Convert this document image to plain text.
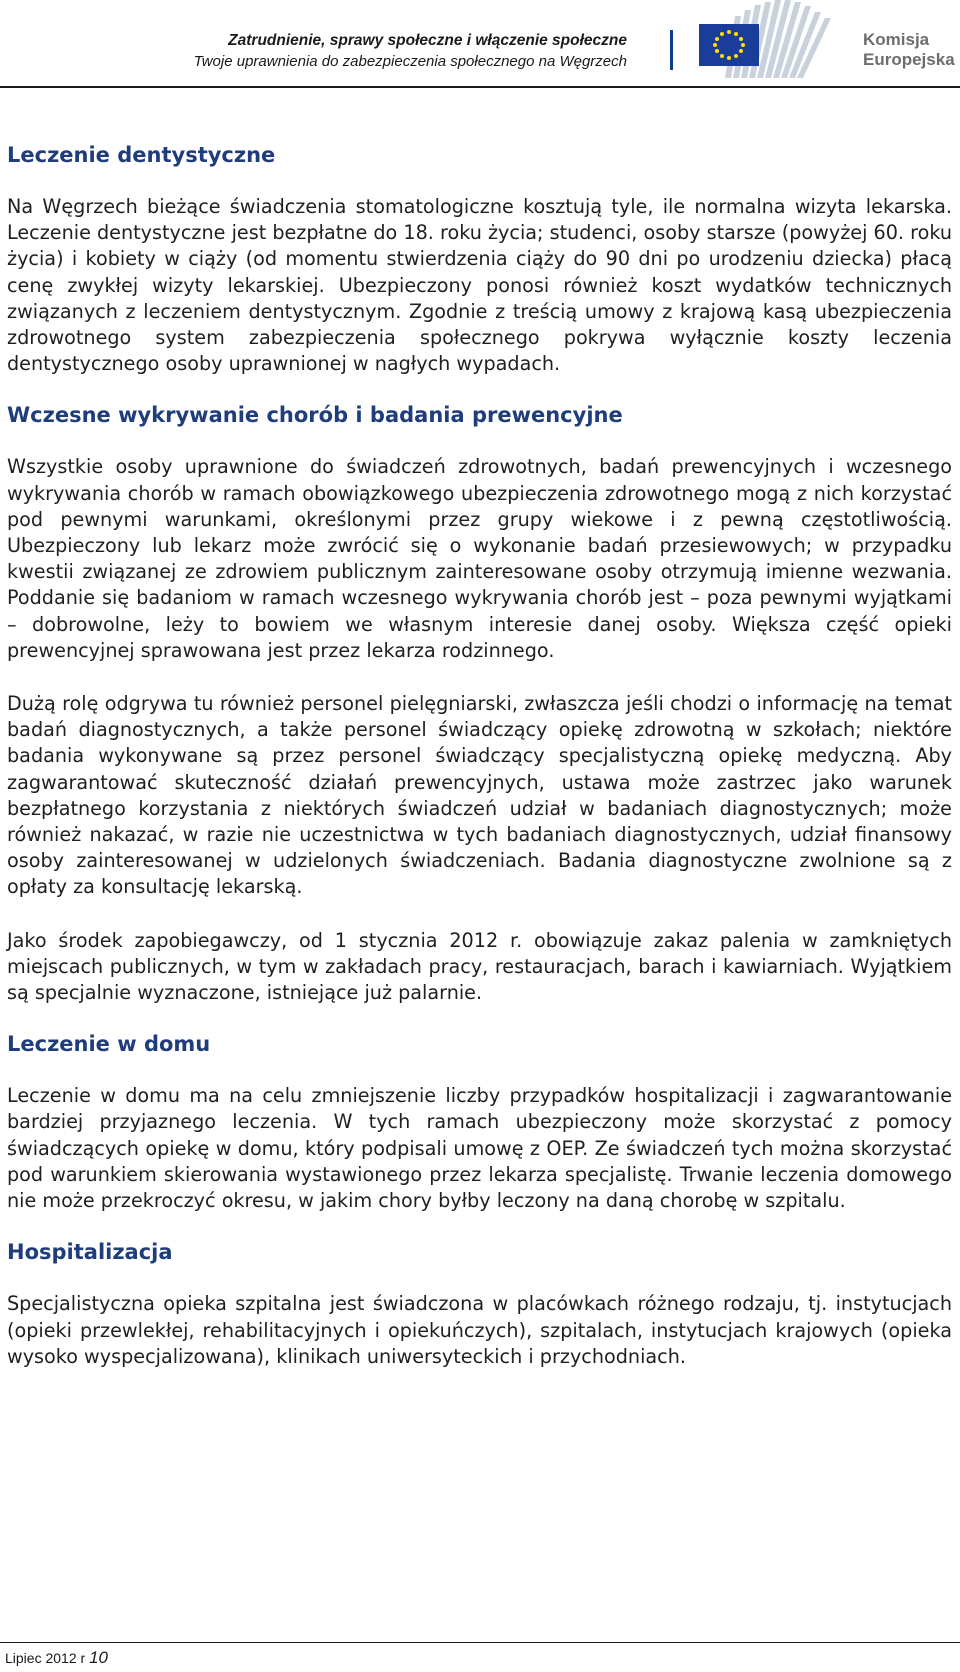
Zatrudnienie, sprawy społeczne i włączenie społeczne
Twoje uprawnienia do zabezpieczenia społecznego na Węgrzech
Komisja
Europejska
Leczenie dentystyczne

Na Węgrzech bieżące świadczenia stomatologiczne kosztują tyle, ile normalna wizyta lekarska. Leczenie dentystyczne jest bezpłatne do 18. roku życia; studenci, osoby starsze (powyżej 60. roku życia) i kobiety w ciąży (od momentu stwierdzenia ciąży do 90 dni po urodzeniu dziecka) płacą cenę zwykłej wizyty lekarskiej. Ubezpieczony ponosi również koszt wydatków technicznych związanych z leczeniem dentystycznym. Zgodnie z treścią umowy z krajową kasą ubezpieczenia zdrowotnego system zabezpieczenia społecznego pokrywa wyłącznie koszty leczenia dentystycznego osoby uprawnionej w nagłych wypadach.

Wczesne wykrywanie chorób i badania prewencyjne

Wszystkie osoby uprawnione do świadczeń zdrowotnych, badań prewencyjnych i wczesnego wykrywania chorób w ramach obowiązkowego ubezpieczenia zdrowotnego mogą z nich korzystać pod pewnymi warunkami, określonymi przez grupy wiekowe i z pewną częstotliwością. Ubezpieczony lub lekarz może zwrócić się o wykonanie badań przesiewowych; w przypadku kwestii związanej ze zdrowiem publicznym zainteresowane osoby otrzymują imienne wezwania. Poddanie się badaniom w ramach wczesnego wykrywania chorób jest – poza pewnymi wyjątkami – dobrowolne, leży to bowiem we własnym interesie danej osoby. Większa część opieki prewencyjnej sprawowana jest przez lekarza rodzinnego.

Dużą rolę odgrywa tu również personel pielęgniarski, zwłaszcza jeśli chodzi o informację na temat badań diagnostycznych, a także personel świadczący opiekę zdrowotną w szkołach; niektóre badania wykonywane są przez personel świadczący specjalistyczną opiekę medyczną. Aby zagwarantować skuteczność działań prewencyjnych, ustawa może zastrzec jako warunek bezpłatnego korzystania z niektórych świadczeń udział w badaniach diagnostycznych; może również nakazać, w razie nie uczestnictwa w tych badaniach diagnostycznych, udział finansowy osoby zainteresowanej w udzielonych świadczeniach. Badania diagnostyczne zwolnione są z opłaty za konsultację lekarską.

Jako środek zapobiegawczy, od 1 stycznia 2012 r. obowiązuje zakaz palenia w zamkniętych miejscach publicznych, w tym w zakładach pracy, restauracjach, barach i kawiarniach. Wyjątkiem są specjalnie wyznaczone, istniejące już palarnie.

Leczenie w domu

Leczenie w domu ma na celu zmniejszenie liczby przypadków hospitalizacji i zagwarantowanie bardziej przyjaznego leczenia. W tych ramach ubezpieczony może skorzystać z pomocy świadczących opiekę w domu, który podpisali umowę z OEP. Ze świadczeń tych można skorzystać pod warunkiem skierowania wystawionego przez lekarza specjalistę. Trwanie leczenia domowego nie może przekroczyć okresu, w jakim chory byłby leczony na daną chorobę w szpitalu.

Hospitalizacja

Specjalistyczna opieka szpitalna jest świadczona w placówkach różnego rodzaju, tj. instytucjach (opieki przewlekłej, rehabilitacyjnych i opiekuńczych), szpitalach, instytucjach krajowych (opieka wysoko wyspecjalizowana), klinikach uniwersyteckich i przychodniach.

Lipiec 2012 r 10
